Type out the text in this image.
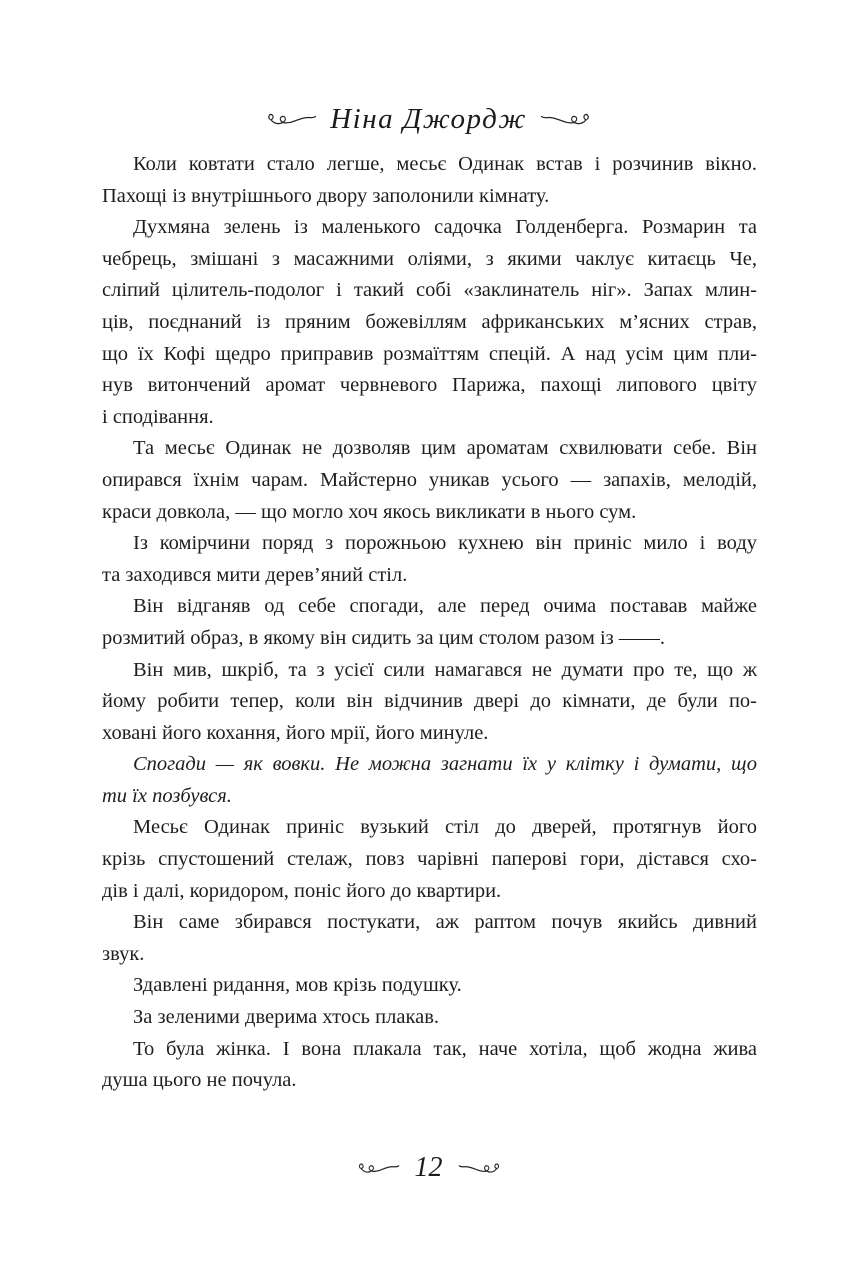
Ніна Джордж
Коли ковтати стало легше, месьє Одинак встав і розчинив вікно.
Пахощі із внутрішнього двору заполонили кімнату.
Духмяна зелень із маленького садочка Голденберга. Розмарин та
чебрець, змішані з масажними оліями, з якими чаклує китаєць Че,
сліпий цілитель-подолог і такий собі «заклинатель ніг». Запах млин-
ців, поєднаний із пряним божевіллям африканських м’ясних страв,
що їх Кофі щедро приправив розмаїттям спецій. А над усім цим пли-
нув витончений аромат червневого Парижа, пахощі липового цвіту
і сподівання.
Та месьє Одинак не дозволяв цим ароматам схвилювати себе. Він
опирався їхнім чарам. Майстерно уникав усього — запахів, мелодій,
краси довкола, — що могло хоч якось викликати в нього сум.
Із комірчини поряд з порожньою кухнею він приніс мило і воду
та заходився мити дерев’яний стіл.
Він відганяв од себе спогади, але перед очима поставав майже
розмитий образ, в якому він сидить за цим столом разом із ——.
Він мив, шкріб, та з усієї сили намагався не думати про те, що ж
йому робити тепер, коли він відчинив двері до кімнати, де були по-
ховані його кохання, його мрії, його минуле.
Спогади — як вовки. Не можна загнати їх у клітку і думати, що
ти їх позбувся.
Месьє Одинак приніс вузький стіл до дверей, протягнув його
крізь спустошений стелаж, повз чарівні паперові гори, дістався схо-
дів і далі, коридором, поніс його до квартири.
Він саме збирався постукати, аж раптом почув якийсь дивний
звук.
Здавлені ридання, мов крізь подушку.
За зеленими дверима хтось плакав.
То була жінка. І вона плакала так, наче хотіла, щоб жодна жива
душа цього не почула.
12
